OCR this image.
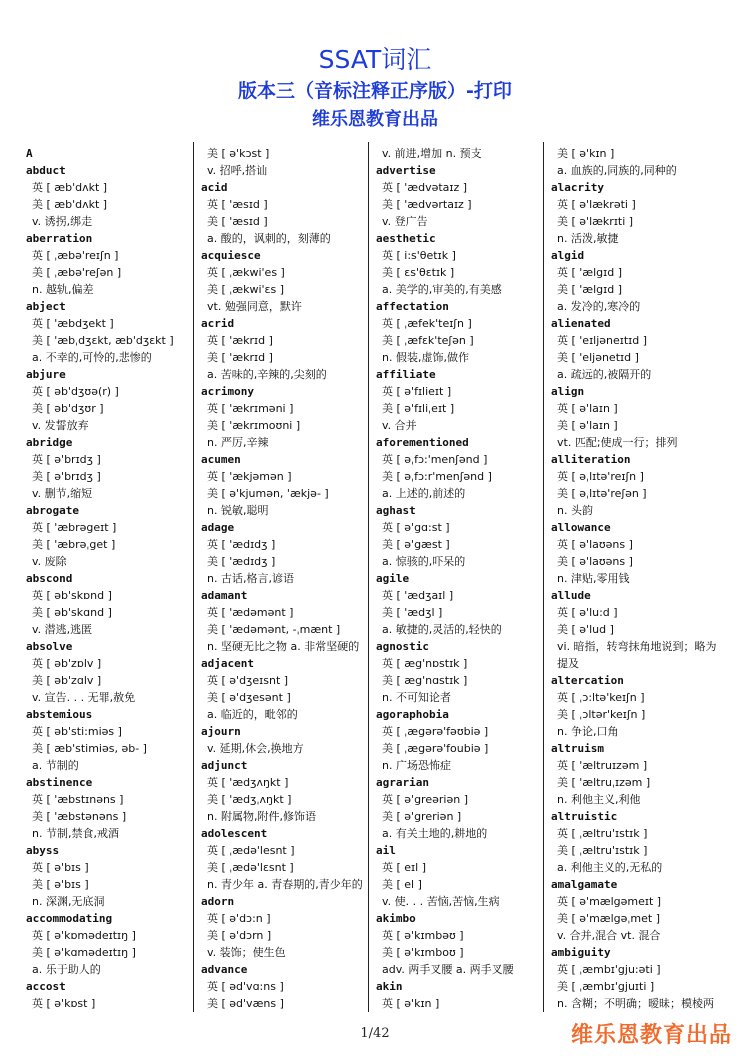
SSAT词汇
版本三（音标注释正序版）-打印
维乐恩教育出品
A
abduct
英 [ æb'dʌkt ]
美 [ æb'dʌkt ]
v. 诱拐,绑走
aberration
英 [ ˌæbə'reɪʃn ]
美 [ ˌæbə'reʃən ]
n. 越轨,偏差
abject
英 [ 'æbdʒekt ]
美 [ 'æbˌdʒɛkt, æb'dʒɛkt ]
a. 不幸的,可怜的,悲惨的
abjure
英 [ əb'dʒʊə(r) ]
美 [ əb'dʒʊr ]
v. 发誓放弃
abridge
英 [ ə'brɪdʒ ]
美 [ ə'brɪdʒ ]
v. 删节,缩短
abrogate
英 [ 'æbrəgeɪt ]
美 [ 'æbrəˌget ]
v. 废除
abscond
英 [ əb'skɒnd ]
美 [ əb'skɑnd ]
v. 潜逃,逃匿
absolve
英 [ əb'zɒlv ]
美 [ əb'zɑlv ]
v. 宣告. . . 无罪,赦免
abstemious
英 [ əb'sti:miəs ]
美 [ æb'stimiəs, əb- ]
a. 节制的
abstinence
英 [ 'æbstɪnəns ]
美 [ 'æbstənəns ]
n. 节制,禁食,戒酒
abyss
英 [ ə'bɪs ]
美 [ ə'bɪs ]
n. 深渊,无底洞
accommodating
英 [ ə'kɒmədeɪtɪŋ ]
美 [ ə'kɑmədeɪtɪŋ ]
a. 乐于助人的
accost
英 [ ə'kɒst ]
美 [ ə'kɔst ]
v. 招呼,搭讪
acid
英 [ 'æsɪd ]
美 [ 'æsɪd ]
a. 酸的，讽刺的，刻薄的
acquiesce
英 [ ˌækwi'es ]
美 [ ˌækwi'ɛs ]
vt. 勉强同意，默许
acrid
英 [ 'ækrɪd ]
美 [ 'ækrɪd ]
a. 苦味的,辛辣的,尖刻的
acrimony
英 [ 'ækrɪməni ]
美 [ 'ækrɪmoʊni ]
n. 严厉,辛辣
acumen
英 [ 'ækjəmən ]
美 [ ə'kjumən, 'ækjə- ]
n. 锐敏,聪明
adage
英 [ 'ædɪdʒ ]
美 [ 'ædɪdʒ ]
n. 古话,格言,谚语
adamant
英 [ 'ædəmənt ]
美 [ 'ædəmənt, -ˌmænt ]
n. 坚硬无比之物 a. 非常坚硬的
adjacent
英 [ ə'dʒeɪsnt ]
美 [ ə'dʒesənt ]
a. 临近的，毗邻的
ajourn
v. 延期,休会,换地方
adjunct
英 [ 'ædʒʌŋkt ]
美 [ 'ædʒˌʌŋkt ]
n. 附属物,附件,修饰语
adolescent
英 [ ˌædə'lesnt ]
美 [ ˌædə'lɛsnt ]
n. 青少年 a. 青春期的,青少年的
adorn
英 [ ə'dɔ:n ]
美 [ ə'dɔrn ]
v. 装饰；使生色
advance
英 [ əd'vɑ:ns ]
美 [ əd'væns ]
v. 前进,增加 n. 预支
advertise
英 [ 'ædvətaɪz ]
美 [ 'ædvərtaɪz ]
v. 登广告
aesthetic
英 [ i:s'θetɪk ]
美 [ ɛs'θɛtɪk ]
a. 美学的,审美的,有美感
affectation
英 [ ˌæfek'teɪʃn ]
美 [ ˌæfɛk'teʃən ]
n. 假装,虚饰,做作
affiliate
英 [ ə'fɪlieɪt ]
美 [ ə'fɪliˌeɪt ]
v. 合并
aforementioned
英 [ əˌfɔ:'menʃənd ]
美 [ əˌfɔ:r'menʃənd ]
a. 上述的,前述的
aghast
英 [ ə'gɑ:st ]
美 [ ə'gæst ]
a. 惊骇的,吓呆的
agile
英 [ 'ædʒaɪl ]
美 [ 'ædʒl ]
a. 敏捷的,灵活的,轻快的
agnostic
英 [ æg'nɒstɪk ]
美 [ æg'nɑstɪk ]
n. 不可知论者
agoraphobia
英 [ ˌægərə'fəʊbiə ]
美 [ ˌægərə'foubiə ]
n. 广场恐怖症
agrarian
英 [ ə'greəriən ]
美 [ ə'greriən ]
a. 有关土地的,耕地的
ail
英 [ eɪl ]
美 [ el ]
v. 使. . . 苦恼,苦恼,生病
akimbo
英 [ ə'kɪmbəʊ ]
美 [ ə'kɪmboʊ ]
adv. 两手叉腰 a. 两手叉腰
akin
英 [ ə'kɪn ]
美 [ ə'kɪn ]
a. 血族的,同族的,同种的
alacrity
英 [ ə'lækrəti ]
美 [ ə'lækrɪti ]
n. 活泼,敏捷
algid
英 [ 'ælgɪd ]
美 [ 'ælgɪd ]
a. 发冷的,寒冷的
alienated
英 [ 'eɪljəneɪtɪd ]
美 [ 'eljənetɪd ]
a. 疏远的,被隔开的
align
英 [ ə'laɪn ]
美 [ ə'laɪn ]
vt. 匹配;使成一行；排列
alliteration
英 [ əˌlɪtə'reɪʃn ]
美 [ əˌlɪtə'reʃən ]
n. 头韵
allowance
英 [ ə'laʊəns ]
美 [ ə'laʊəns ]
n. 津贴,零用钱
allude
英 [ ə'lu:d ]
美 [ ə'lud ]
vi. 暗指，转弯抹角地说到；略为提及
altercation
英 [ ˌɔ:ltə'keɪʃn ]
美 [ ˌɔltər'keɪʃn ]
n. 争论,口角
altruism
英 [ 'æltruɪzəm ]
美 [ 'æltruˌɪzəm ]
n. 利他主义,利他
altruistic
英 [ ˌæltru'ɪstɪk ]
美 [ ˌæltru'ɪstɪk ]
a. 利他主义的,无私的
amalgamate
英 [ ə'mælgəmeɪt ]
美 [ ə'mælgəˌmet ]
v. 合并,混合 vt. 混合
ambiguity
英 [ ˌæmbɪ'gju:əti ]
美 [ ˌæmbɪ'gjuɪti ]
n. 含糊；不明确；暧昧；模棱两
1/42	维乐恩教育出品
